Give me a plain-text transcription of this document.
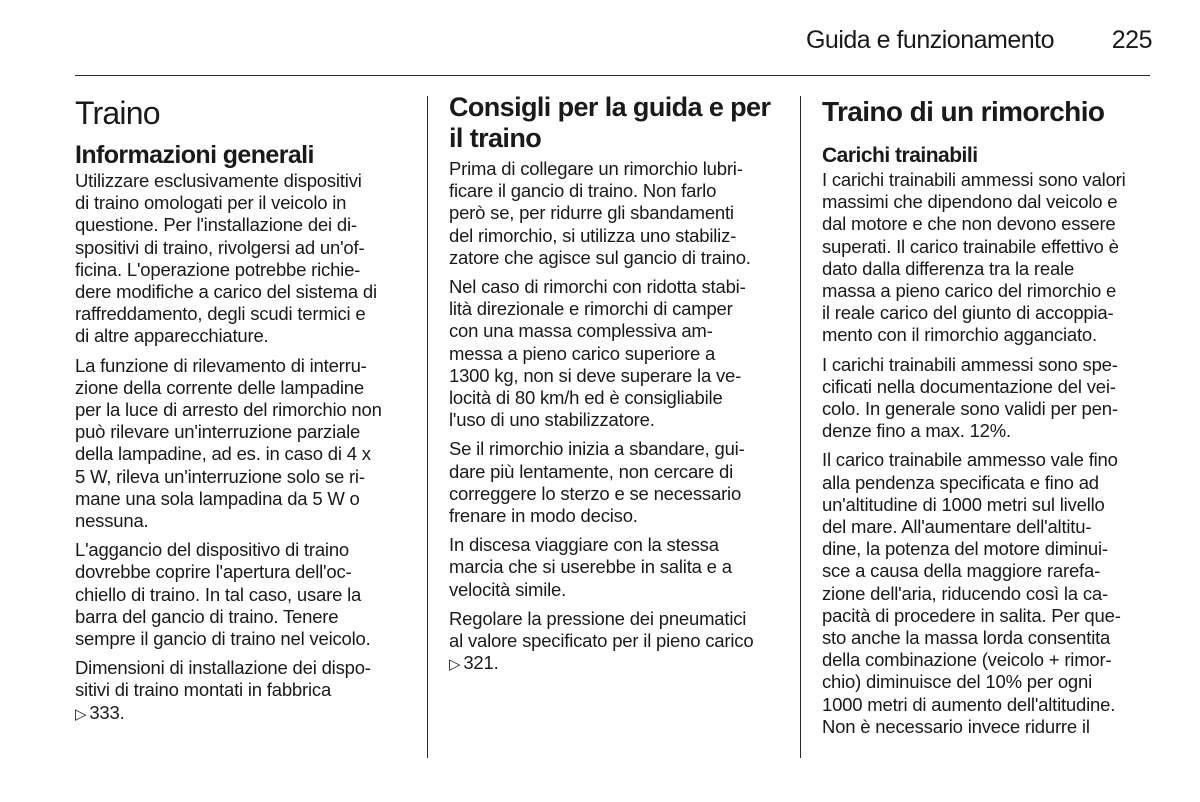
Guida e funzionamento 225
Traino
Informazioni generali
Utilizzare esclusivamente dispositivi
di traino omologati per il veicolo in
questione. Per l'installazione dei di-
spositivi di traino, rivolgersi ad un'of-
ficina. L'operazione potrebbe richie-
dere modifiche a carico del sistema di
raffreddamento, degli scudi termici e
di altre apparecchiature.
La funzione di rilevamento di interru-
zione della corrente delle lampadine
per la luce di arresto del rimorchio non
può rilevare un'interruzione parziale
della lampadine, ad es. in caso di 4 x
5 W, rileva un'interruzione solo se ri-
mane una sola lampadina da 5 W o
nessuna.
L'aggancio del dispositivo di traino
dovrebbe coprire l'apertura dell'oc-
chiello di traino. In tal caso, usare la
barra del gancio di traino. Tenere
sempre il gancio di traino nel veicolo.
Dimensioni di installazione dei dispo-
sitivi di traino montati in fabbrica
▷ 333.
Consigli per la guida e per
il traino
Prima di collegare un rimorchio lubri-
ficare il gancio di traino. Non farlo
però se, per ridurre gli sbandamenti
del rimorchio, si utilizza uno stabiliz-
zatore che agisce sul gancio di traino.
Nel caso di rimorchi con ridotta stabi-
lità direzionale e rimorchi di camper
con una massa complessiva am-
messa a pieno carico superiore a
1300 kg, non si deve superare la ve-
locità di 80 km/h ed è consigliabile
l'uso di uno stabilizzatore.
Se il rimorchio inizia a sbandare, gui-
dare più lentamente, non cercare di
correggere lo sterzo e se necessario
frenare in modo deciso.
In discesa viaggiare con la stessa
marcia che si userebbe in salita e a
velocità simile.
Regolare la pressione dei pneumatici
al valore specificato per il pieno carico
▷ 321.
Traino di un rimorchio
Carichi trainabili
I carichi trainabili ammessi sono valori
massimi che dipendono dal veicolo e
dal motore e che non devono essere
superati. Il carico trainabile effettivo è
dato dalla differenza tra la reale
massa a pieno carico del rimorchio e
il reale carico del giunto di accoppia-
mento con il rimorchio agganciato.
I carichi trainabili ammessi sono spe-
cificati nella documentazione del vei-
colo. In generale sono validi per pen-
denze fino a max. 12%.
Il carico trainabile ammesso vale fino
alla pendenza specificata e fino ad
un'altitudine di 1000 metri sul livello
del mare. All'aumentare dell'altitu-
dine, la potenza del motore diminui-
sce a causa della maggiore rarefa-
zione dell'aria, riducendo così la ca-
pacità di procedere in salita. Per que-
sto anche la massa lorda consentita
della combinazione (veicolo + rimor-
chio) diminuisce del 10% per ogni
1000 metri di aumento dell'altitudine.
Non è necessario invece ridurre il
